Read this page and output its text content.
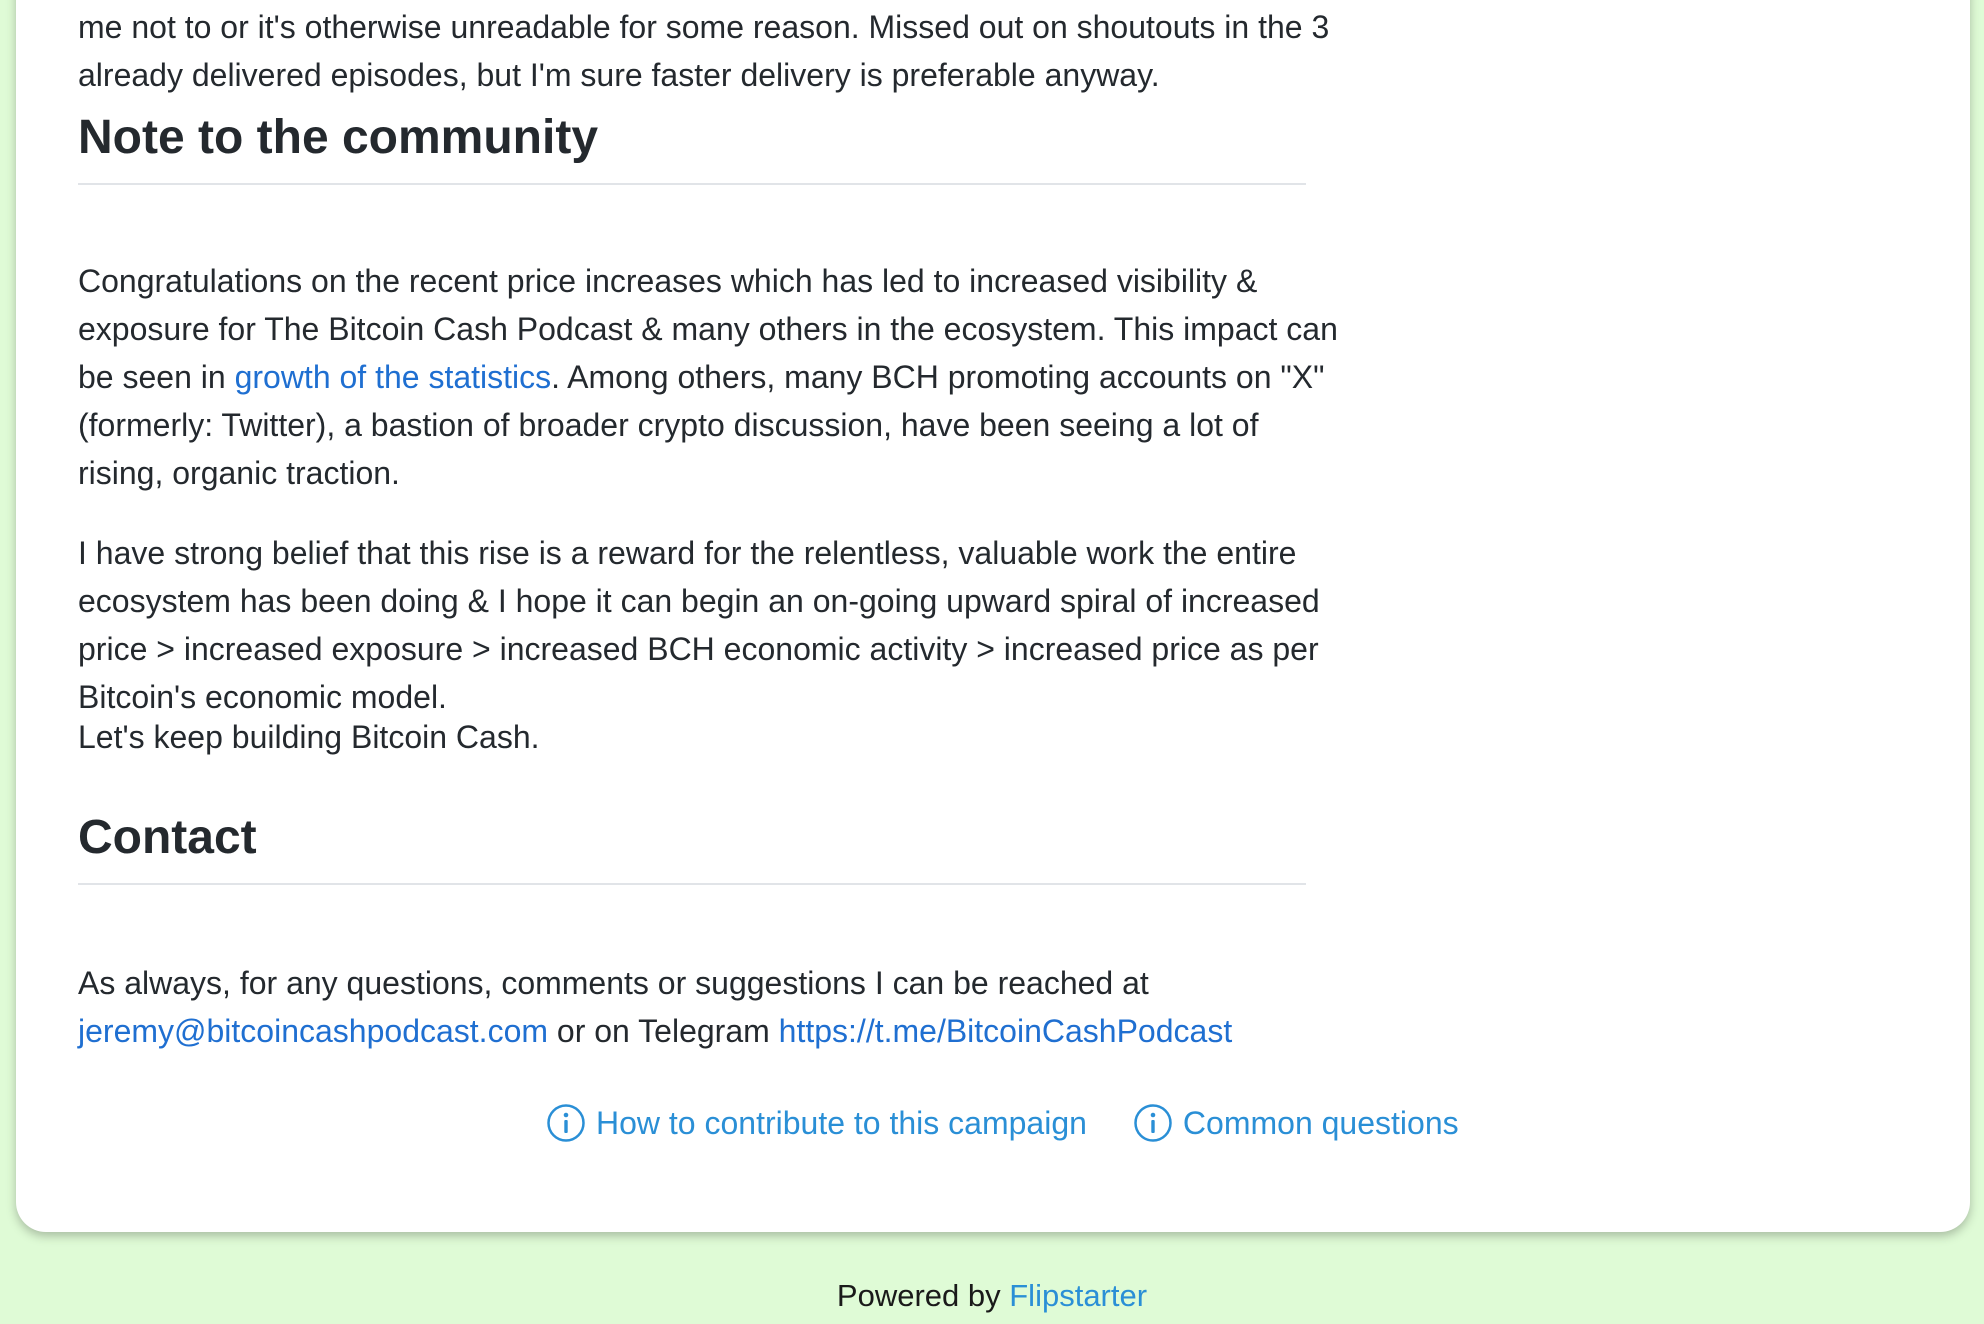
me not to or it's otherwise unreadable for some reason. Missed out on shoutouts in the 3 already delivered episodes, but I'm sure faster delivery is preferable anyway.

Note to the community

Congratulations on the recent price increases which has led to increased visibility & exposure for The Bitcoin Cash Podcast & many others in the ecosystem. This impact can be seen in growth of the statistics. Among others, many BCH promoting accounts on "X" (formerly: Twitter), a bastion of broader crypto discussion, have been seeing a lot of rising, organic traction.

I have strong belief that this rise is a reward for the relentless, valuable work the entire ecosystem has been doing & I hope it can begin an on-going upward spiral of increased price > increased exposure > increased BCH economic activity > increased price as per Bitcoin's economic model.

Let's keep building Bitcoin Cash.

Contact

As always, for any questions, comments or suggestions I can be reached at jeremy@bitcoincashpodcast.com or on Telegram https://t.me/BitcoinCashPodcast

How to contribute to this campaign	Common questions
Powered by Flipstarter
